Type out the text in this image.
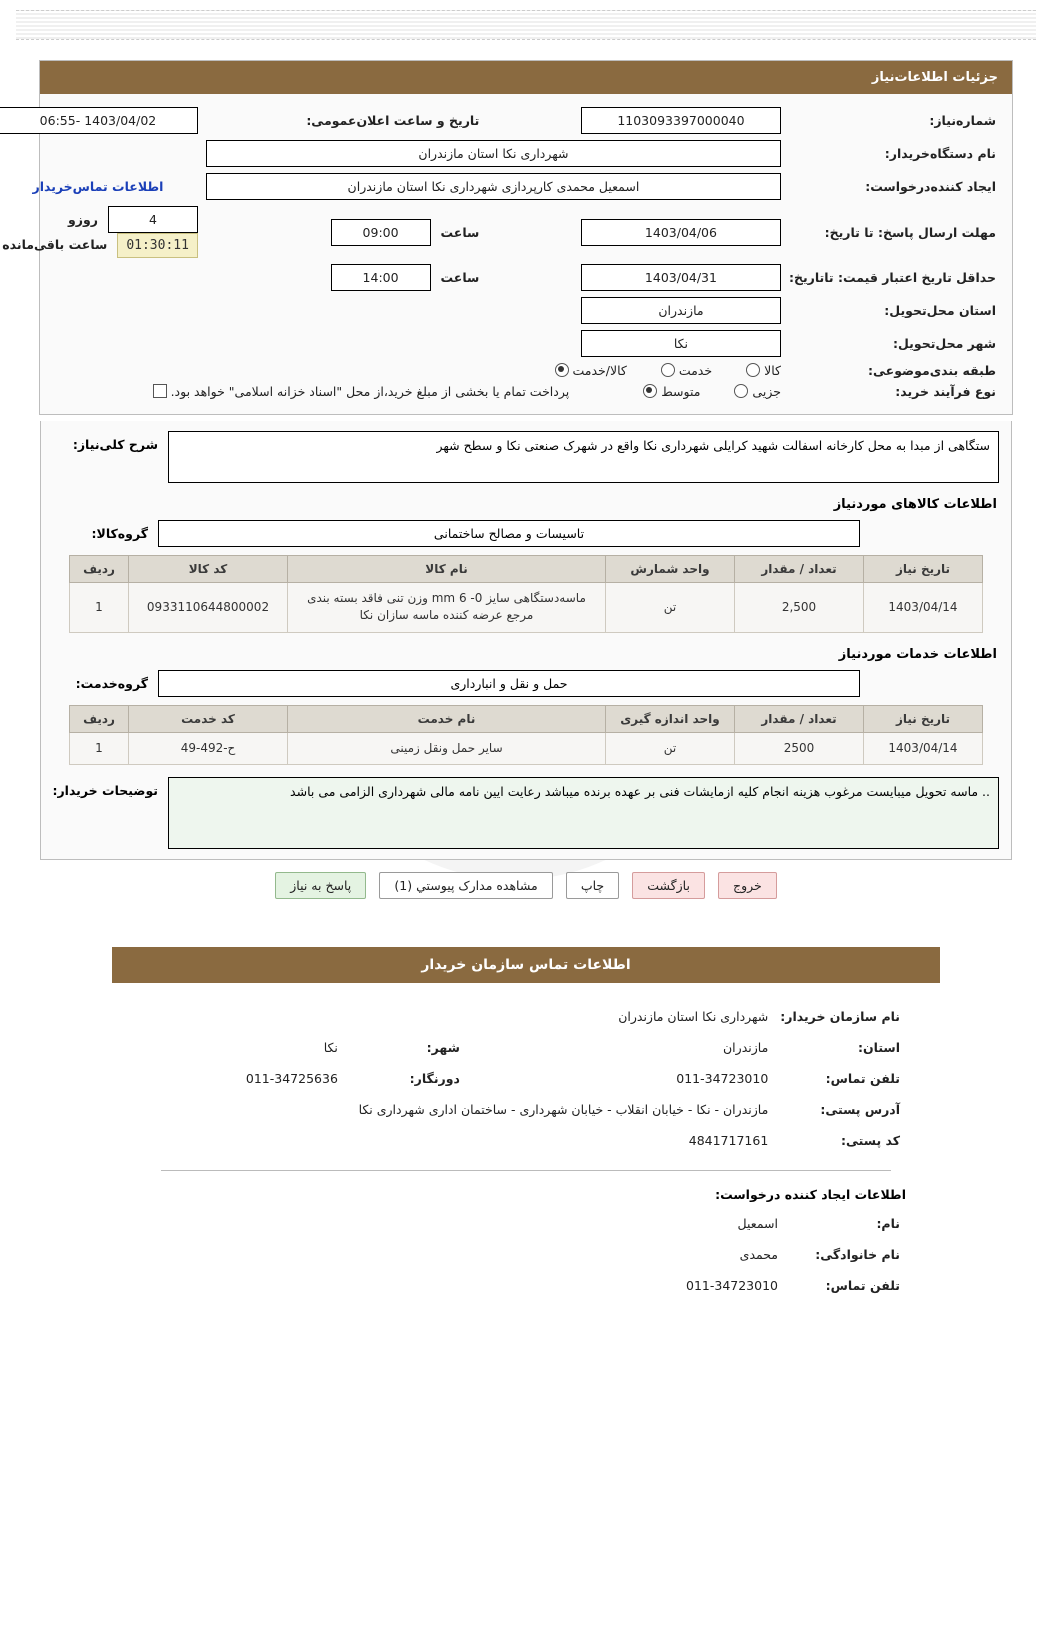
جزئیات اطلاعات‌نیاز
شماره‌نیاز:	1103093397000040	تاریخ و ساعت اعلان‌عمومی:	1403/04/02 -06:55
نام دستگاه‌خریدار:	شهرداری نکا استان مازندران		
ایجاد کننده‌درخواست:	اسمعیل محمدی کارپردازی شهرداری نکا استان مازندران		اطلاعات تماس‌خریدار
مهلت ارسال پاسخ: تا تاریخ:	1403/04/06	ساعت 09:00	4 روزو 01:30:11 ساعت باقی‌مانده
حداقل تاریخ اعتبار قیمت: تاتاریخ:	1403/04/31	ساعت 14:00	
استان محل‌تحویل:	مازندران		
شهر محل‌تحویل:	نکا		
طبقه بندی‌موضوعی:	کالا  خدمت  کالا/خدمت		
نوع فرآیند خرید:	جزیی  متوسط  پرداخت تمام یا بخشی از مبلغ خرید،از محل "اسناد خزانه اسلامی" خواهد بود.		
ستگاهی از مبدا به محل کارخانه اسفالت شهید کرایلی شهرداری نکا واقع در شهرک صنعتی نکا و سطح شهر
شرح کلی‌نیاز:
اطلاعات کالاهای موردنیاز
تاسیسات و مصالح ساختمانی
گروه‌کالا:
تاریخ نیاز	تعداد / مقدار	واحد شمارش	نام کالا	کد کالا	ردیف
1403/04/14	2,500	تن	ماسه‌دستگاهی سایز 0- 6 mm وزن تنی فاقد بسته بندی مرجع عرضه کننده ماسه سازان نکا	0933110644800002	1
اطلاعات خدمات موردنیاز
حمل و نقل و انبارداری
گروه‌خدمت:
تاریخ نیاز	تعداد / مقدار	واحد اندازه گیری	نام خدمت	کد خدمت	ردیف
1403/04/14	2500	تن	سایر حمل ونقل زمینی	ح-492-49	1
.. ماسه تحویل میبایست مرغوب هزینه انجام کلیه ازمایشات فنی بر عهده برنده میباشد رعایت ایین نامه مالی شهرداری الزامی می باشد
توضیحات خریدار:
خروج بازگشت چاپ مشاهده مدارک پیوستي (1) پاسخ به نیاز
اطلاعات تماس سازمان خریدار
نام سازمان خریدار:	شهرداری نکا استان مازندران		
استان:	مازندران	شهر:	نکا
تلفن تماس:	011-34723010	دورنگار:	011-34725636
آدرس پستی:	مازندران - نکا - خیابان انقلاب - خیابان شهرداری - ساختمان اداری شهرداری نکا		
کد پستی:	4841717161		
اطلاعات ایجاد کننده درخواست:
نام:	اسمعیل
نام خانوادگی:	محمدی
تلفن تماس:	011-34723010
